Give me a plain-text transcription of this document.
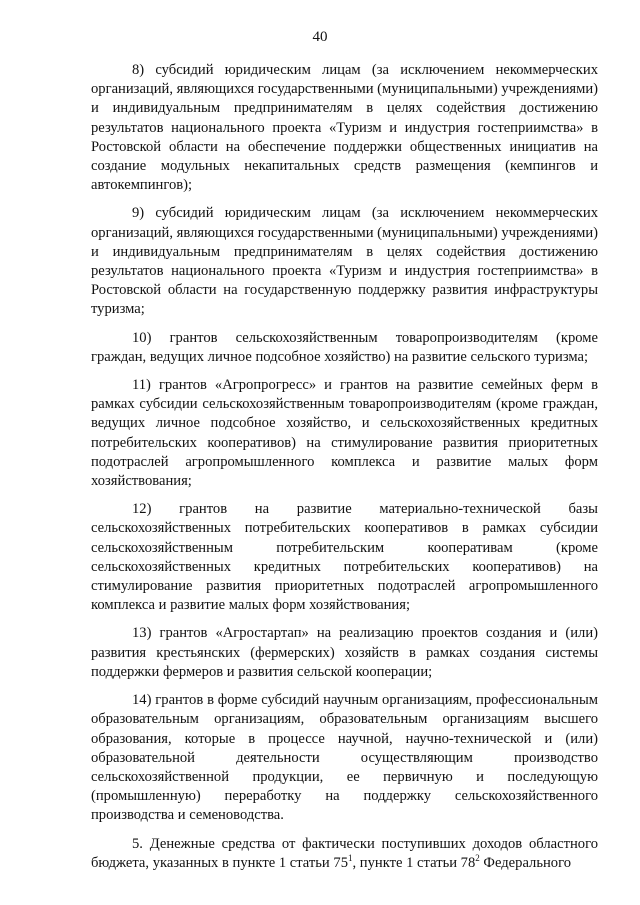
40

8) субсидий юридическим лицам (за исключением некоммерческих организаций, являющихся государственными (муниципальными) учреждениями) и индивидуальным предпринимателям в целях содействия достижению результатов национального проекта «Туризм и индустрия гостеприимства» в Ростовской области на обеспечение поддержки общественных инициатив на создание модульных некапитальных средств размещения (кемпингов и автокемпингов);

9) субсидий юридическим лицам (за исключением некоммерческих организаций, являющихся государственными (муниципальными) учреждениями) и индивидуальным предпринимателям в целях содействия достижению результатов национального проекта «Туризм и индустрия гостеприимства» в Ростовской области на государственную поддержку развития инфраструктуры туризма;

10) грантов сельскохозяйственным товаропроизводителям (кроме граждан, ведущих личное подсобное хозяйство) на развитие сельского туризма;

11) грантов «Агропрогресс» и грантов на развитие семейных ферм в рамках субсидии сельскохозяйственным товаропроизводителям (кроме граждан, ведущих личное подсобное хозяйство, и сельскохозяйственных кредитных потребительских кооперативов) на стимулирование развития приоритетных подотраслей агропромышленного комплекса и развитие малых форм хозяйствования;

12) грантов на развитие материально-технической базы сельскохозяйственных потребительских кооперативов в рамках субсидии сельскохозяйственным потребительским кооперативам (кроме сельскохозяйственных кредитных потребительских кооперативов) на стимулирование развития приоритетных подотраслей агропромышленного комплекса и развитие малых форм хозяйствования;

13) грантов «Агростартап» на реализацию проектов создания и (или) развития крестьянских (фермерских) хозяйств в рамках создания системы поддержки фермеров и развития сельской кооперации;

14) грантов в форме субсидий научным организациям, профессиональным образовательным организациям, образовательным организациям высшего образования, которые в процессе научной, научно-технической и (или) образовательной деятельности осуществляющим производство сельскохозяйственной продукции, ее первичную и последующую (промышленную) переработку на поддержку сельскохозяйственного производства и семеноводства.

5. Денежные средства от фактически поступивших доходов областного бюджета, указанных в пункте 1 статьи $75^1$, пункте 1 статьи $78^2$ Федерального
